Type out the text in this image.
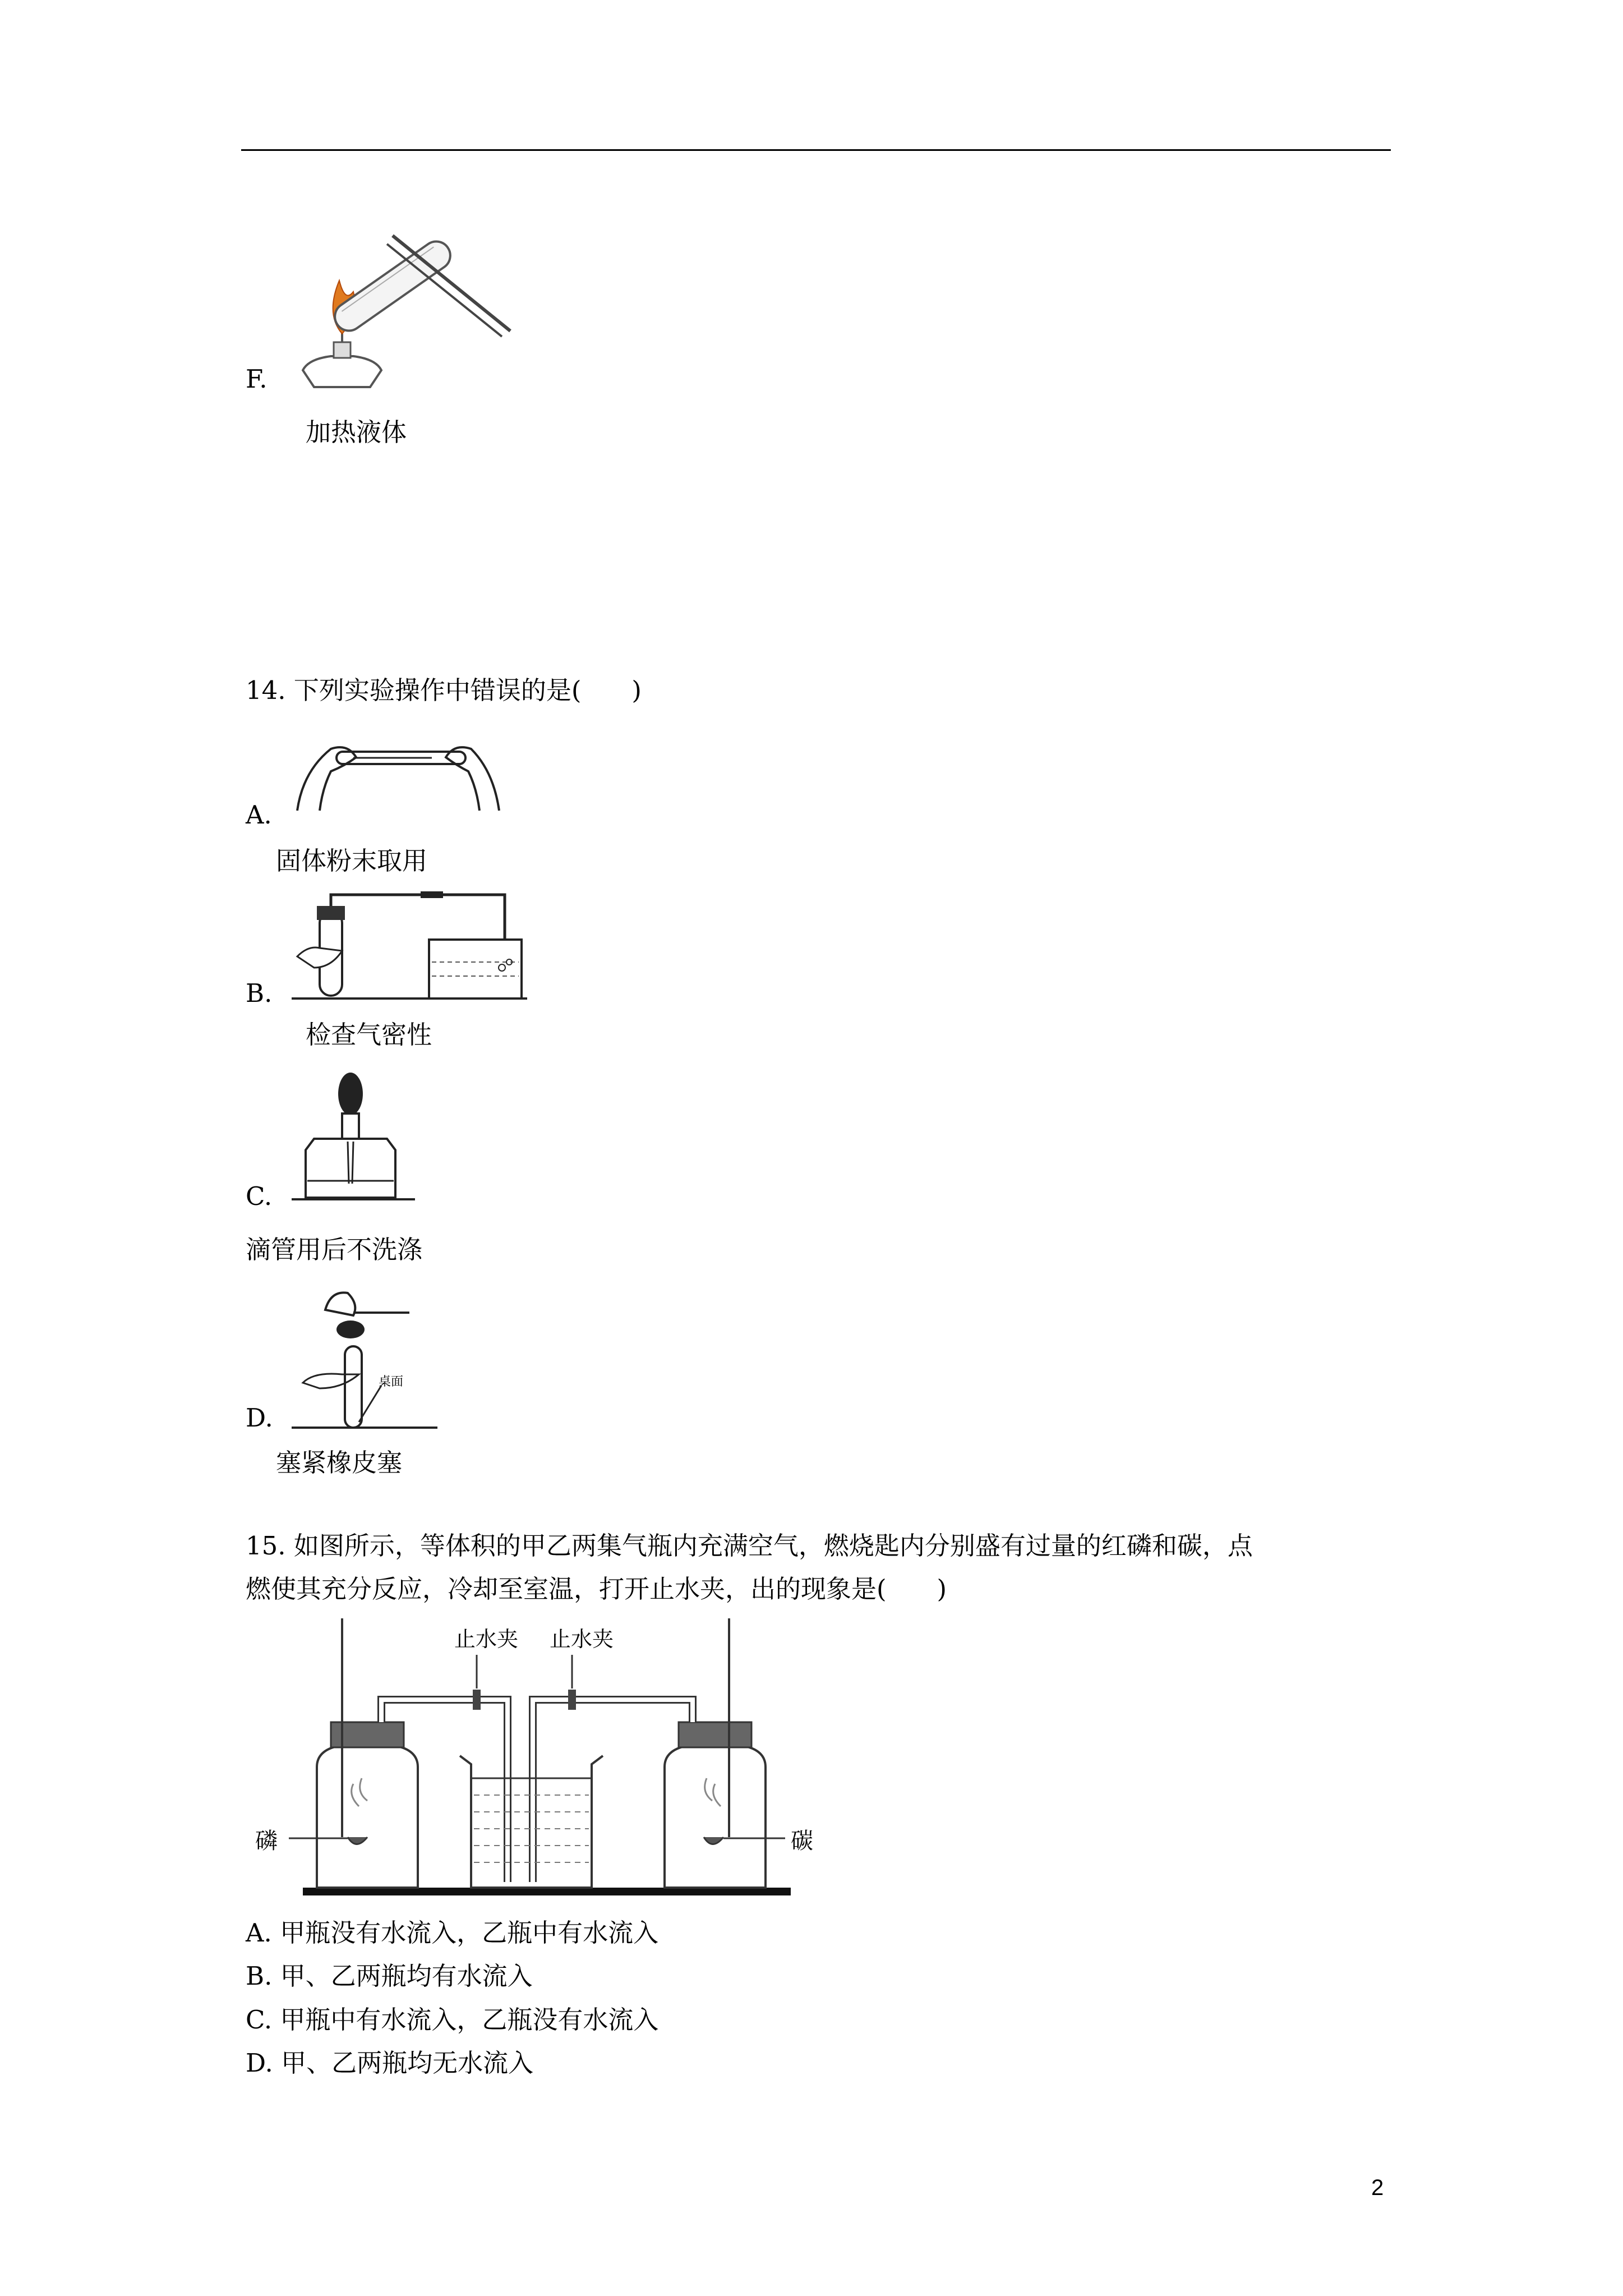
F.
加热液体
14. 下列实验操作中错误的是(　　)
A.
固体粉末取用
B.
检查气密性
C.
滴管用后不洗涤
桌面
D.
塞紧橡皮塞
15. 如图所示，等体积的甲乙两集气瓶内充满空气，燃烧匙内分别盛有过量的红磷和碳，点
燃使其充分反应，冷却至室温，打开止水夹，出的现象是(　　)
磷
止水夹
碳
止水夹
A. 甲瓶没有水流入，乙瓶中有水流入
B. 甲、乙两瓶均有水流入
C. 甲瓶中有水流入，乙瓶没有水流入
D. 甲、乙两瓶均无水流入
2
